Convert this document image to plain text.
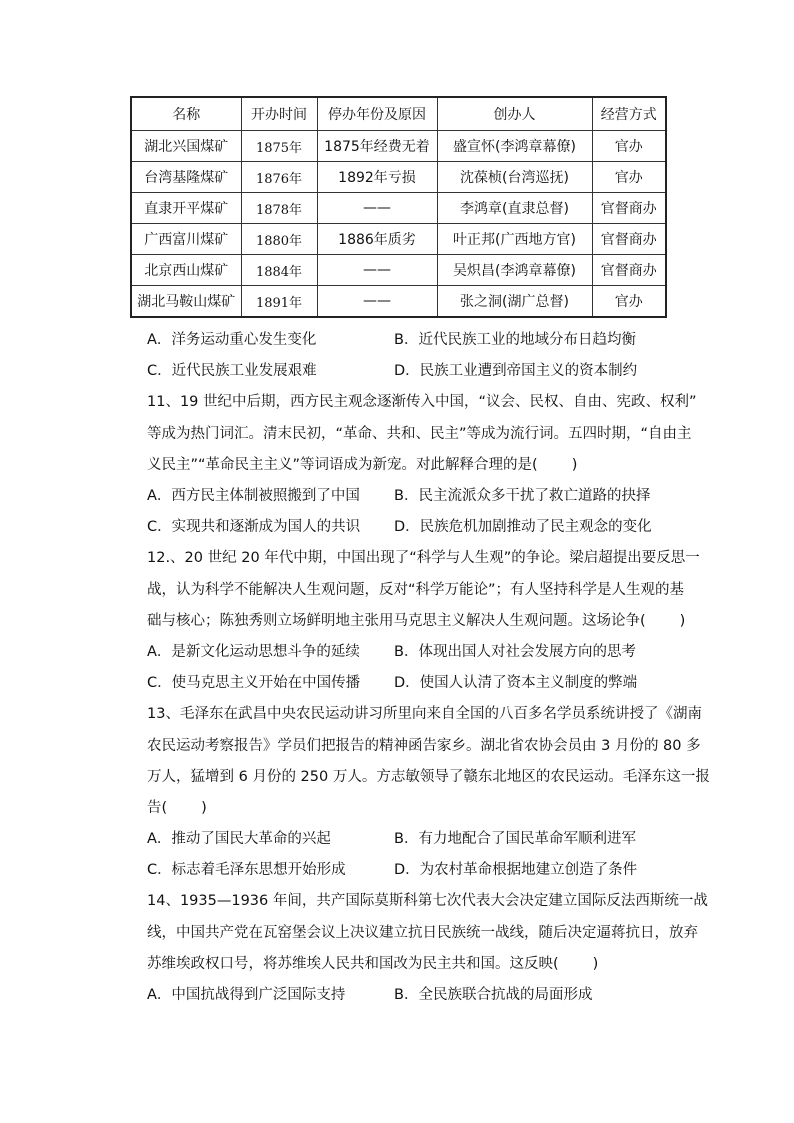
名称	开办时间	停办年份及原因	创办人	经营方式
湖北兴国煤矿	1875年	1875年经费无着	盛宣怀(李鸿章幕僚)	官办
台湾基隆煤矿	1876年	1892年亏损	沈葆桢(台湾巡抚)	官办
直隶开平煤矿	1878年	——	李鸿章(直隶总督)	官督商办
广西富川煤矿	1880年	1886年质劣	叶正邦(广西地方官)	官督商办
北京西山煤矿	1884年	——	吴炽昌(李鸿章幕僚)	官督商办
湖北马鞍山煤矿	1891年	——	张之洞(湖广总督)	官办
A．洋务运动重心发生变化	B．近代民族工业的地域分布日趋均衡
C．近代民族工业发展艰难	D．民族工业遭到帝国主义的资本制约
11、19 世纪中后期，西方民主观念逐渐传入中国，“议会、民权、自由、宪政、权利”
等成为热门词汇。清末民初，“革命、共和、民主”等成为流行词。五四时期，“自由主
义民主”“革命民主主义”等词语成为新宠。对此解释合理的是( )
A．西方民主体制被照搬到了中国 B．民主流派众多干扰了救亡道路的抉择
C．实现共和逐渐成为国人的共识 D．民族危机加剧推动了民主观念的变化
12.、20 世纪 20 年代中期，中国出现了“科学与人生观”的争论。梁启超提出要反思一
战，认为科学不能解决人生观问题，反对“科学万能论”；有人坚持科学是人生观的基
础与核心；陈独秀则立场鲜明地主张用马克思主义解决人生观问题。这场论争( )
A．是新文化运动思想斗争的延续 B．体现出国人对社会发展方向的思考
C．使马克思主义开始在中国传播 D．使国人认清了资本主义制度的弊端
13、毛泽东在武昌中央农民运动讲习所里向来自全国的八百多名学员系统讲授了《湖南
农民运动考察报告》学员们把报告的精神函告家乡。湖北省农协会员由 3 月份的 80 多
万人，猛增到 6 月份的 250 万人。方志敏领导了赣东北地区的农民运动。毛泽东这一报
告( )
A．推动了国民大革命的兴起	B．有力地配合了国民革命军顺利进军
C．标志着毛泽东思想开始形成	D．为农村革命根据地建立创造了条件
14、1935—1936 年间，共产国际莫斯科第七次代表大会决定建立国际反法西斯统一战
线，中国共产党在瓦窑堡会议上决议建立抗日民族统一战线，随后决定逼蒋抗日，放弃
苏维埃政权口号，将苏维埃人民共和国改为民主共和国。这反映( )
A．中国抗战得到广泛国际支持	B．全民族联合抗战的局面形成
